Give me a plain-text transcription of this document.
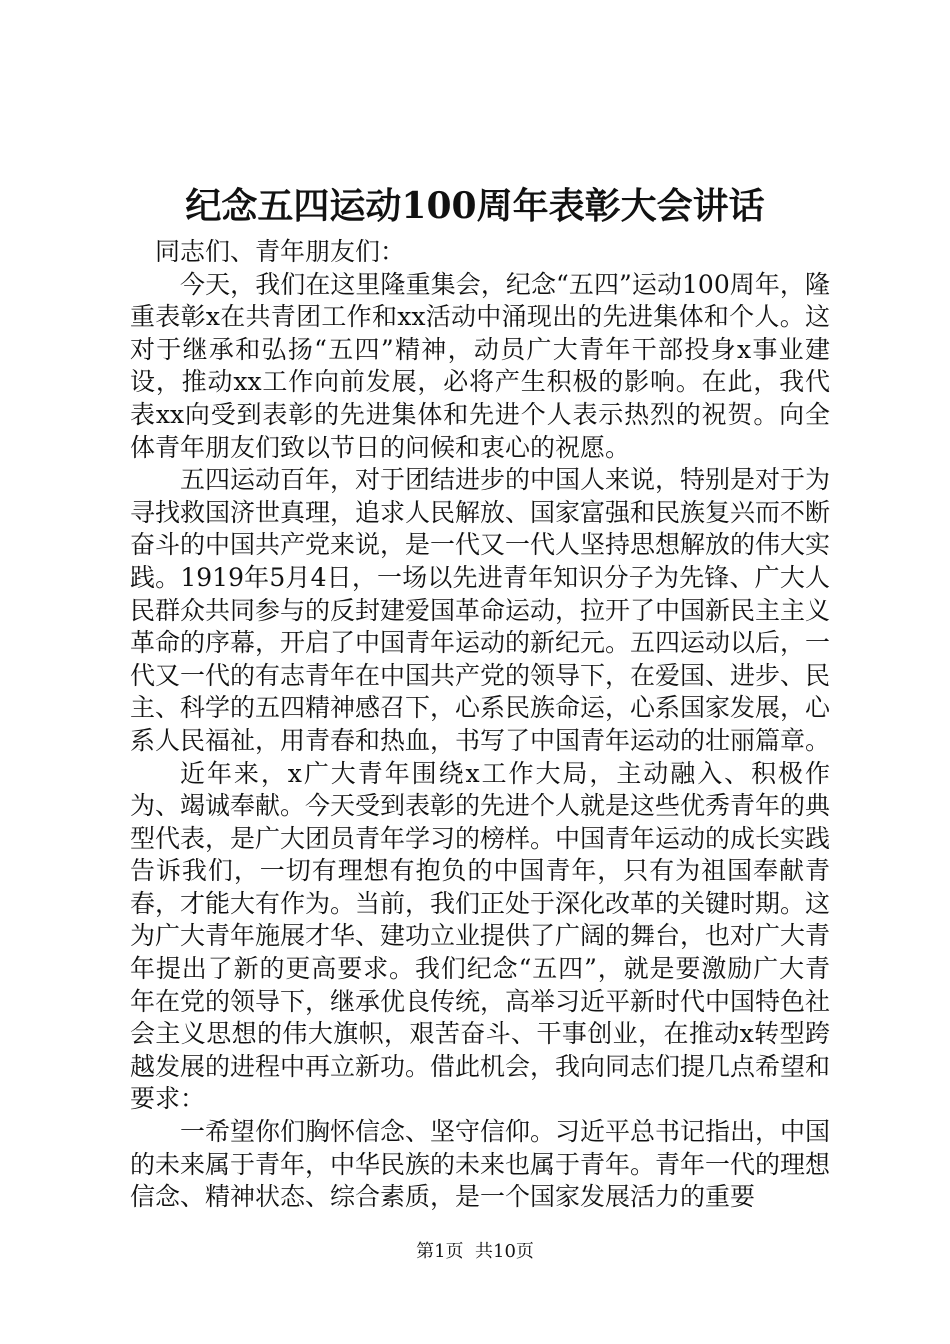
纪念五四运动100周年表彰大会讲话

同志们、青年朋友们：

今天，我们在这里隆重集会，纪念“五四”运动100周年，隆重表彰x在共青团工作和xx活动中涌现出的先进集体和个人。这对于继承和弘扬“五四”精神，动员广大青年干部投身x事业建设，推动xx工作向前发展，必将产生积极的影响。在此，我代表xx向受到表彰的先进集体和先进个人表示热烈的祝贺。向全体青年朋友们致以节日的问候和衷心的祝愿。

五四运动百年，对于团结进步的中国人来说，特别是对于为寻找救国济世真理，追求人民解放、国家富强和民族复兴而不断奋斗的中国共产党来说，是一代又一代人坚持思想解放的伟大实践。1919年5月4日，一场以先进青年知识分子为先锋、广大人民群众共同参与的反封建爱国革命运动，拉开了中国新民主主义革命的序幕，开启了中国青年运动的新纪元。五四运动以后，一代又一代的有志青年在中国共产党的领导下，在爱国、进步、民主、科学的五四精神感召下，心系民族命运，心系国家发展，心系人民福祉，用青春和热血，书写了中国青年运动的壮丽篇章。

近年来，x广大青年围绕x工作大局，主动融入、积极作为、竭诚奉献。今天受到表彰的先进个人就是这些优秀青年的典型代表，是广大团员青年学习的榜样。中国青年运动的成长实践告诉我们，一切有理想有抱负的中国青年，只有为祖国奉献青春，才能大有作为。当前，我们正处于深化改革的关键时期。这为广大青年施展才华、建功立业提供了广阔的舞台，也对广大青年提出了新的更高要求。我们纪念“五四”，就是要激励广大青年在党的领导下，继承优良传统，高举习近平新时代中国特色社会主义思想的伟大旗帜，艰苦奋斗、干事创业，在推动x转型跨越发展的进程中再立新功。借此机会，我向同志们提几点希望和要求：

一希望你们胸怀信念、坚守信仰。习近平总书记指出，中国的未来属于青年，中华民族的未来也属于青年。青年一代的理想信念、精神状态、综合素质，是一个国家发展活力的重要

第1页 共10页
